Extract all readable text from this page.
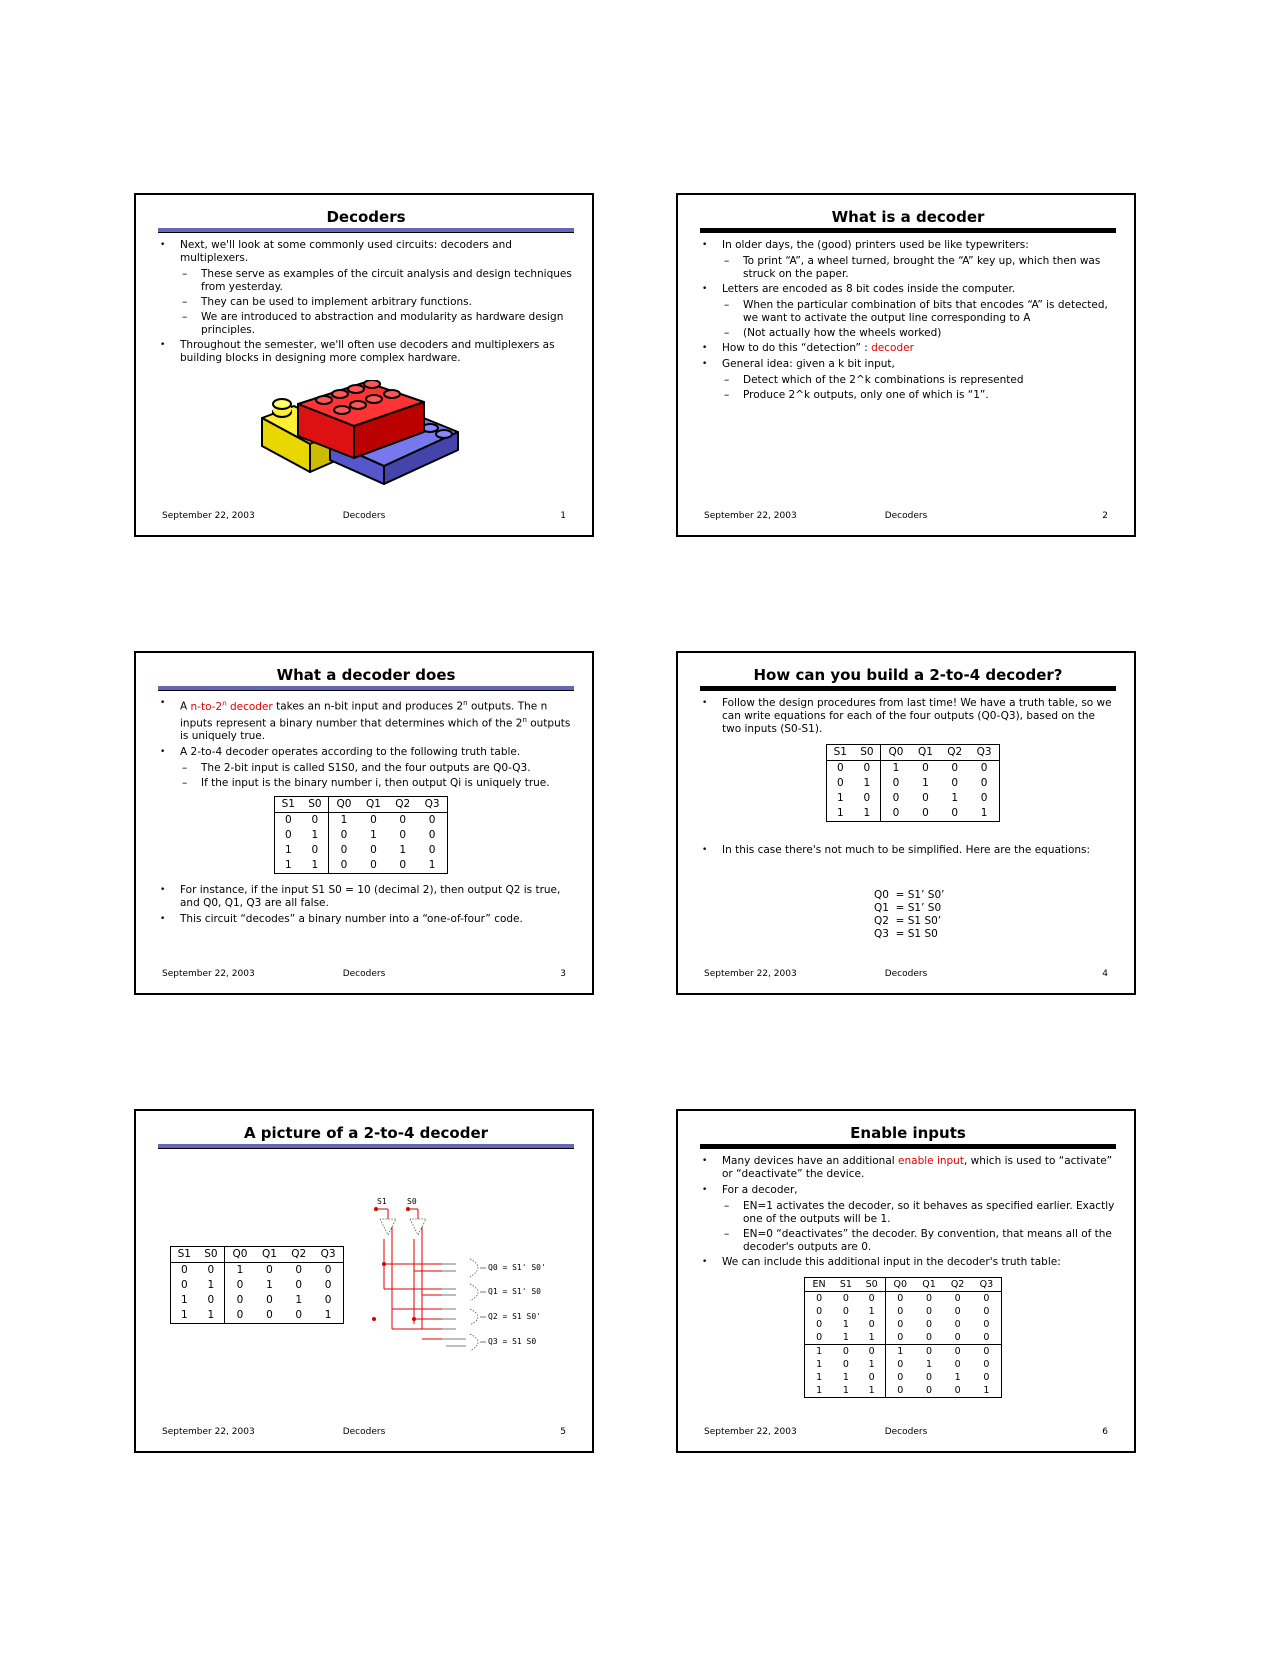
Decoders
• Next, we'll look at some commonly used circuits: decoders and multiplexers.
– These serve as examples of the circuit analysis and design techniques from yesterday.
– They can be used to implement arbitrary functions.
– We are introduced to abstraction and modularity as hardware design principles.
• Throughout the semester, we'll often use decoders and multiplexers as building blocks in designing more complex hardware.
September 22, 2003	Decoders	1
What is a decoder
• In older days, the (good) printers used be like typewriters:
– To print “A”, a wheel turned, brought the “A” key up, which then was struck on the paper.
• Letters are encoded as 8 bit codes inside the computer.
– When the particular combination of bits that encodes “A” is detected, we want to activate the output line corresponding to A
– (Not actually how the wheels worked)
• How to do this “detection” : decoder
• General idea: given a k bit input,
– Detect which of the 2^k combinations is represented
– Produce 2^k outputs, only one of which is “1”.
September 22, 2003	Decoders	2
What a decoder does
• A n-to-2$^n$ decoder takes an n-bit input and produces 2$^n$ outputs. The n inputs represent a binary number that determines which of the 2$^n$ outputs is uniquely true.
• A 2-to-4 decoder operates according to the following truth table.
– The 2-bit input is called S1S0, and the four outputs are Q0-Q3.
– If the input is the binary number i, then output Qi is uniquely true.
S1	S0	Q0	Q1	Q2	Q3
0	0	1	0	0	0
0	1	0	1	0	0
1	0	0	0	1	0
1	1	0	0	0	1
• For instance, if the input S1 S0 = 10 (decimal 2), then output Q2 is true, and Q0, Q1, Q3 are all false.
• This circuit “decodes” a binary number into a “one-of-four” code.
September 22, 2003	Decoders	3
How can you build a 2-to-4 decoder?
• Follow the design procedures from last time! We have a truth table, so we can write equations for each of the four outputs (Q0-Q3), based on the two inputs (S0-S1).
S1	S0	Q0	Q1	Q2	Q3
0	0	1	0	0	0
0	1	0	1	0	0
1	0	0	0	1	0
1	1	0	0	0	1
• In this case there's not much to be simplified. Here are the equations:
Q0  = S1’ S0’
Q1  = S1’ S0
Q2  = S1 S0’
Q3  = S1 S0
September 22, 2003	Decoders	4
A picture of a 2-to-4 decoder
S1	S0	Q0	Q1	Q2	Q3
0	0	1	0	0	0
0	1	0	1	0	0
1	0	0	0	1	0
1	1	0	0	0	1
S1	S0
Q0 = S1' S0'
Q1 = S1' S0
Q2 = S1 S0'
Q3 = S1 S0
September 22, 2003	Decoders	5
Enable inputs
• Many devices have an additional enable input, which is used to “activate” or “deactivate” the device.
• For a decoder,
– EN=1 activates the decoder, so it behaves as specified earlier. Exactly one of the outputs will be 1.
– EN=0 “deactivates” the decoder. By convention, that means all of the decoder's outputs are 0.
• We can include this additional input in the decoder's truth table:
EN	S1	S0	Q0	Q1	Q2	Q3
0	0	0	0	0	0	0
0	0	1	0	0	0	0
0	1	0	0	0	0	0
0	1	1	0	0	0	0
1	0	0	1	0	0	0
1	0	1	0	1	0	0
1	1	0	0	0	1	0
1	1	1	0	0	0	1
September 22, 2003	Decoders	6
